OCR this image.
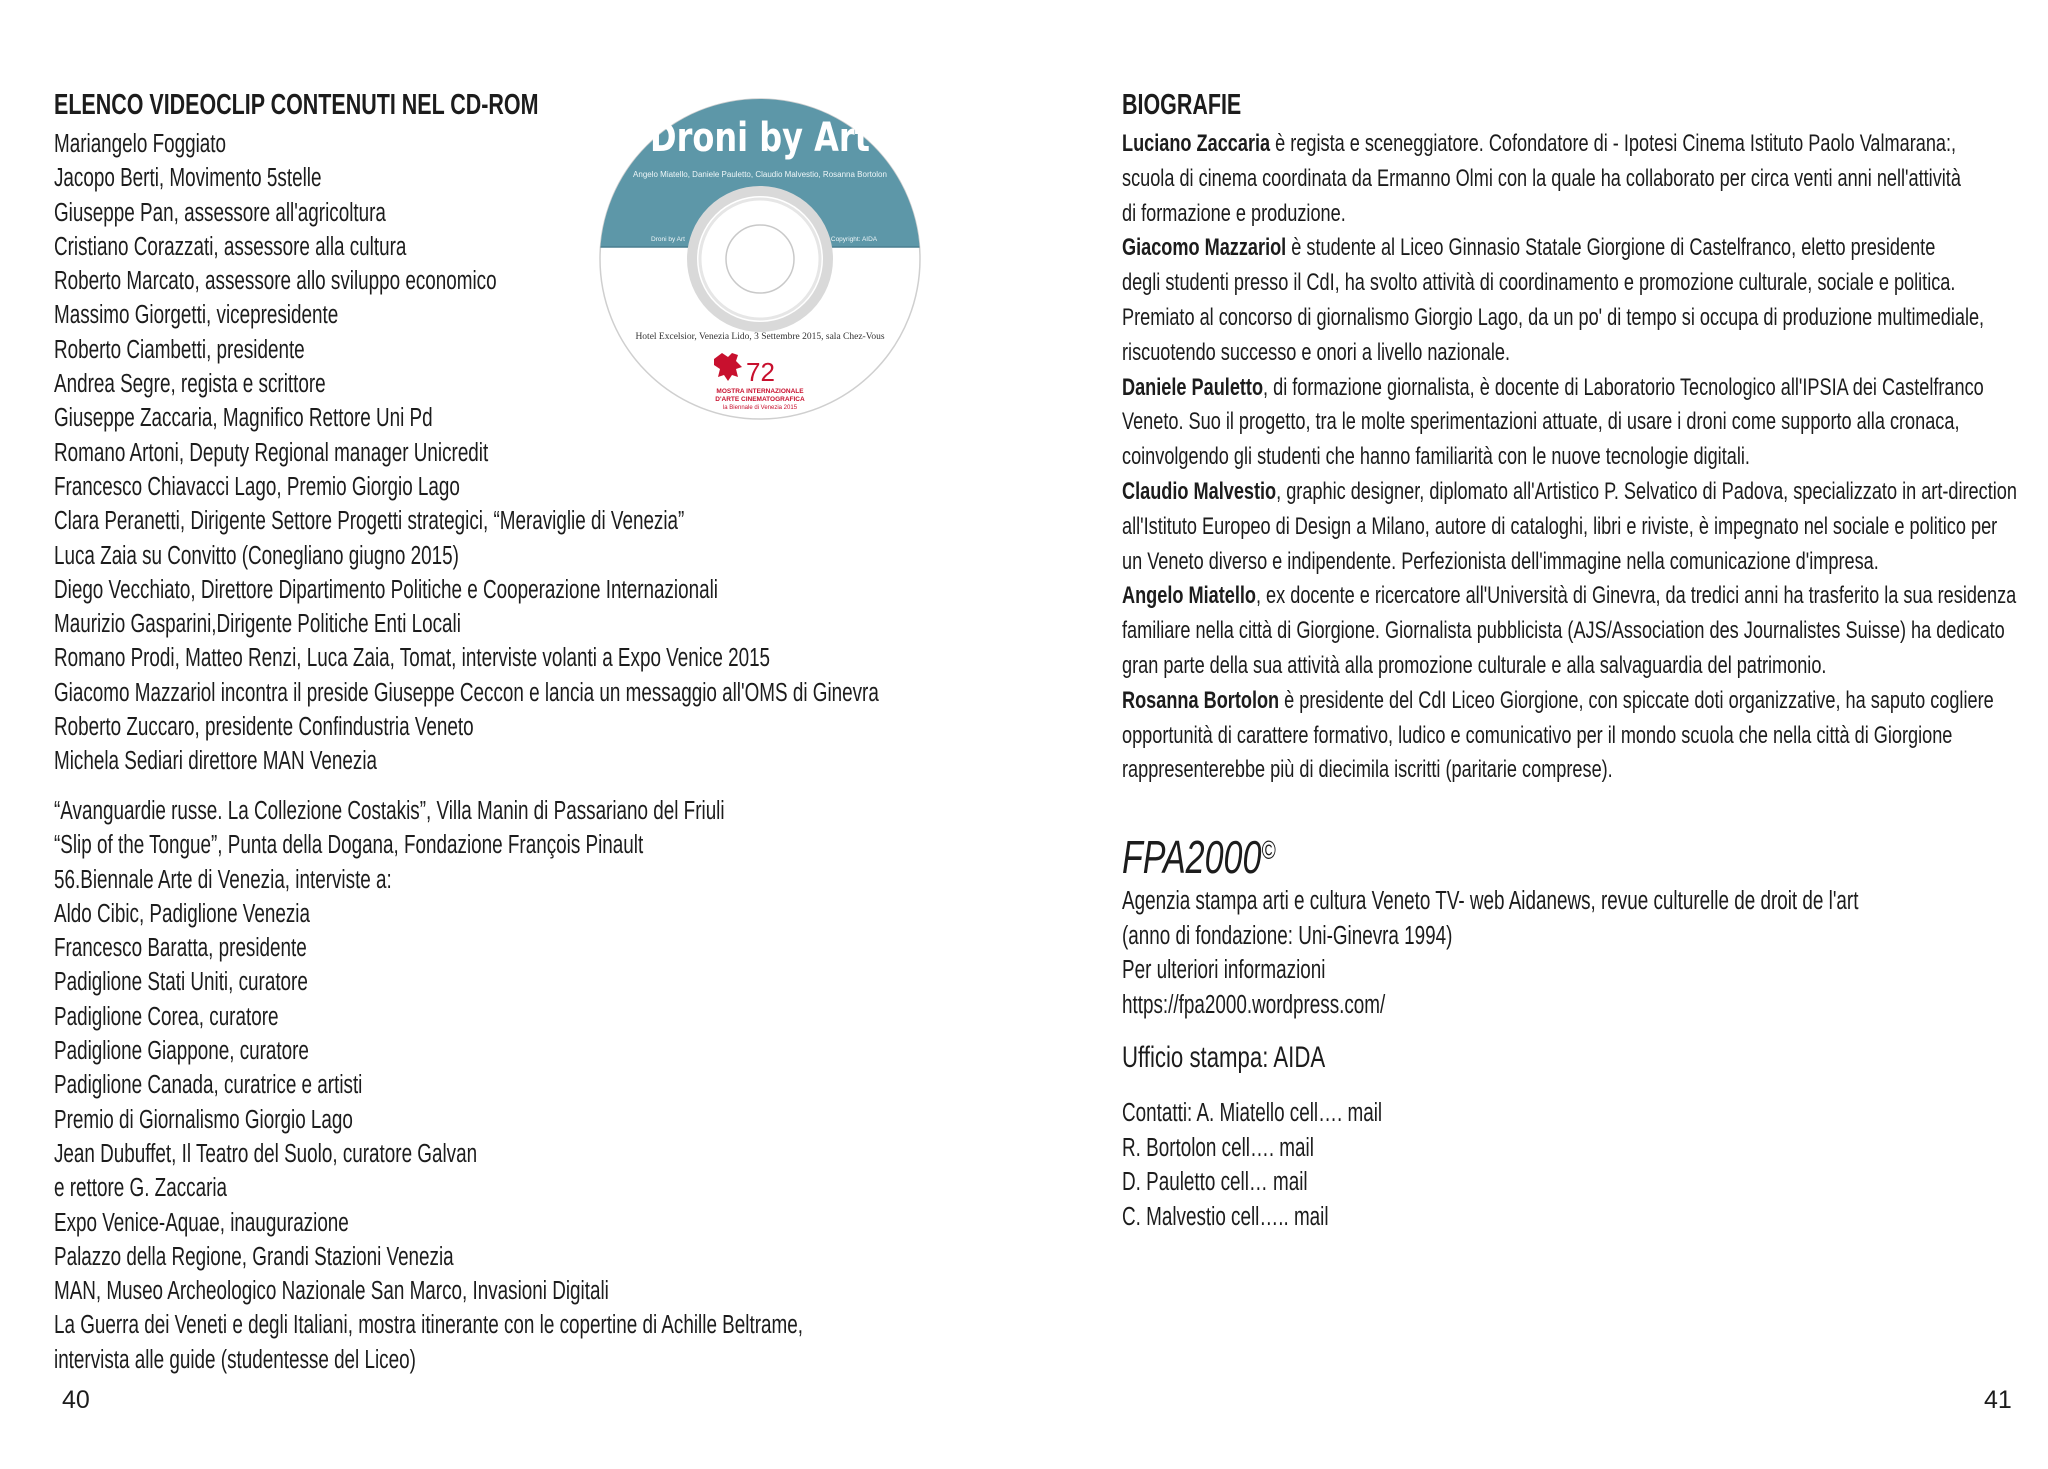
ELENCO VIDEOCLIP CONTENUTI NEL CD-ROM
Mariangelo Foggiato
Jacopo Berti, Movimento 5stelle
Giuseppe Pan, assessore all'agricoltura
Cristiano Corazzati, assessore alla cultura
Roberto Marcato, assessore allo sviluppo economico
Massimo Giorgetti, vicepresidente
Roberto Ciambetti, presidente
Andrea Segre, regista e scrittore
Giuseppe Zaccaria, Magnifico Rettore Uni Pd
Romano Artoni, Deputy Regional manager Unicredit
Francesco Chiavacci Lago, Premio Giorgio Lago
Clara Peranetti, Dirigente Settore Progetti strategici, “Meraviglie di Venezia”
Luca Zaia su Convitto (Conegliano giugno 2015)
Diego Vecchiato, Direttore Dipartimento Politiche e Cooperazione Internazionali
Maurizio Gasparini,Dirigente Politiche Enti Locali
Romano Prodi, Matteo Renzi, Luca Zaia, Tomat, interviste volanti a Expo Venice 2015
Giacomo Mazzariol incontra il preside Giuseppe Ceccon e lancia un messaggio all'OMS di Ginevra
Roberto Zuccaro, presidente Confindustria Veneto
Michela Sediari direttore MAN Venezia
“Avanguardie russe. La Collezione Costakis”, Villa Manin di Passariano del Friuli
“Slip of the Tongue”, Punta della Dogana, Fondazione François Pinault
56.Biennale Arte di Venezia, interviste a:
Aldo Cibic, Padiglione Venezia
Francesco Baratta, presidente
Padiglione Stati Uniti, curatore
Padiglione Corea, curatore
Padiglione Giappone, curatore
Padiglione Canada, curatrice e artisti
Premio di Giornalismo Giorgio Lago
Jean Dubuffet, Il Teatro del Suolo, curatore Galvan
e rettore G. Zaccaria
Expo Venice-Aquae, inaugurazione
Palazzo della Regione, Grandi Stazioni Venezia
MAN, Museo Archeologico Nazionale San Marco, Invasioni Digitali
La Guerra dei Veneti e degli Italiani, mostra itinerante con le copertine di Achille Beltrame,
intervista alle guide (studentesse del Liceo)
40
Droni by Art
Angelo Miatello, Daniele Pauletto, Claudio Malvestio, Rosanna Bortolon
Droni by Art	Copyright: AIDA
Hotel Excelsior, Venezia Lido, 3 Settembre 2015, sala Chez-Vous
72
MOSTRA INTERNAZIONALE
D'ARTE CINEMATOGRAFICA
la Biennale di Venezia 2015
BIOGRAFIE
Luciano Zaccaria è regista e sceneggiatore. Cofondatore di - Ipotesi Cinema Istituto Paolo Valmarana:,
scuola di cinema coordinata da Ermanno Olmi con la quale ha collaborato per circa venti anni nell'attività
di formazione e produzione.
Giacomo Mazzariol è studente al Liceo Ginnasio Statale Giorgione di Castelfranco, eletto presidente
degli studenti presso il CdI, ha svolto attività di coordinamento e promozione culturale, sociale e politica.
Premiato al concorso di giornalismo Giorgio Lago, da un po' di tempo si occupa di produzione multimediale,
riscuotendo successo e onori a livello nazionale.
Daniele Pauletto, di formazione giornalista, è docente di Laboratorio Tecnologico all'IPSIA dei Castelfranco
Veneto. Suo il progetto, tra le molte sperimentazioni attuate, di usare i droni come supporto alla cronaca,
coinvolgendo gli studenti che hanno familiarità con le nuove tecnologie digitali.
Claudio Malvestio, graphic designer, diplomato all'Artistico P. Selvatico di Padova, specializzato in art-direction
all'Istituto Europeo di Design a Milano, autore di cataloghi, libri e riviste, è impegnato nel sociale e politico per
un Veneto diverso e indipendente. Perfezionista dell'immagine nella comunicazione d'impresa.
Angelo Miatello, ex docente e ricercatore all'Università di Ginevra, da tredici anni ha trasferito la sua residenza
familiare nella città di Giorgione. Giornalista pubblicista (AJS/Association des Journalistes Suisse) ha dedicato
gran parte della sua attività alla promozione culturale e alla salvaguardia del patrimonio.
Rosanna Bortolon è presidente del CdI Liceo Giorgione, con spiccate doti organizzative, ha saputo cogliere
opportunità di carattere formativo, ludico e comunicativo per il mondo scuola che nella città di Giorgione
rappresenterebbe più di diecimila iscritti (paritarie comprese).
FPA2000©
Agenzia stampa arti e cultura Veneto TV- web Aidanews, revue culturelle de droit de l'art
(anno di fondazione: Uni-Ginevra 1994)
Per ulteriori informazioni
https://fpa2000.wordpress.com/
Ufficio stampa: AIDA
Contatti: A. Miatello cell…. mail
R. Bortolon cell…. mail
D. Pauletto cell… mail
C. Malvestio cell….. mail
41
